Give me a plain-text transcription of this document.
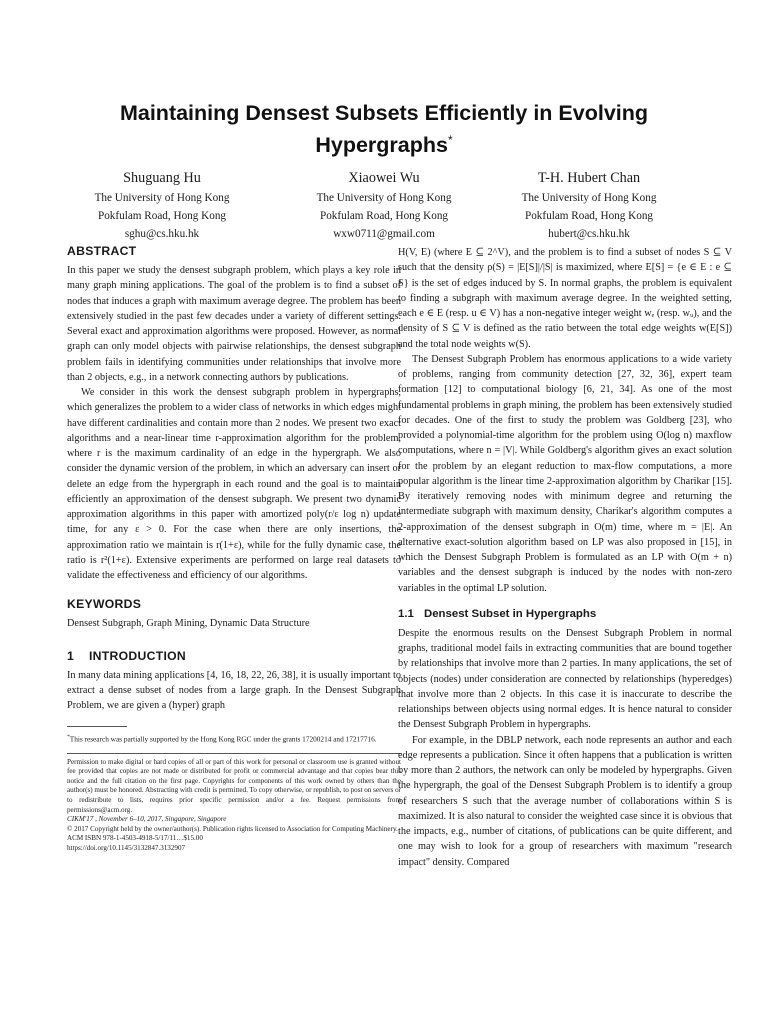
Maintaining Densest Subsets Efficiently in Evolving
Hypergraphs*
Shuguang Hu
The University of Hong Kong
Pokfulam Road, Hong Kong
sghu@cs.hku.hk
Xiaowei Wu
The University of Hong Kong
Pokfulam Road, Hong Kong
wxw0711@gmail.com
T-H. Hubert Chan
The University of Hong Kong
Pokfulam Road, Hong Kong
hubert@cs.hku.hk
ABSTRACT

In this paper we study the densest subgraph problem, which plays a key role in many graph mining applications. The goal of the problem is to find a subset of nodes that induces a graph with maximum average degree. The problem has been extensively studied in the past few decades under a variety of different settings. Several exact and approximation algorithms were proposed. However, as normal graph can only model objects with pairwise relationships, the densest subgraph problem fails in identifying communities under relationships that involve more than 2 objects, e.g., in a network connecting authors by publications.

We consider in this work the densest subgraph problem in hypergraphs, which generalizes the problem to a wider class of networks in which edges might have different cardinalities and contain more than 2 nodes. We present two exact algorithms and a near-linear time r-approximation algorithm for the problem, where r is the maximum cardinality of an edge in the hypergraph. We also consider the dynamic version of the problem, in which an adversary can insert or delete an edge from the hypergraph in each round and the goal is to maintain efficiently an approximation of the densest subgraph. We present two dynamic approximation algorithms in this paper with amortized poly(r/ε log n) update time, for any ε > 0. For the case when there are only insertions, the approximation ratio we maintain is r(1+ε), while for the fully dynamic case, the ratio is r²(1+ε). Extensive experiments are performed on large real datasets to validate the effectiveness and efficiency of our algorithms.

KEYWORDS

Densest Subgraph, Graph Mining, Dynamic Data Structure

1 INTRODUCTION

In many data mining applications [4, 16, 18, 22, 26, 38], it is usually important to extract a dense subset of nodes from a large graph. In the Densest Subgraph Problem, we are given a (hyper) graph

*This research was partially supported by the Hong Kong RGC under the grants 17200214 and 17217716.

Permission to make digital or hard copies of all or part of this work for personal or classroom use is granted without fee provided that copies are not made or distributed for profit or commercial advantage and that copies bear this notice and the full citation on the first page. Copyrights for components of this work owned by others than the author(s) must be honored. Abstracting with credit is permitted. To copy otherwise, or republish, to post on servers or to redistribute to lists, requires prior specific permission and/or a fee. Request permissions from permissions@acm.org.

CIKM'17 , November 6–10, 2017, Singapore, Singapore

© 2017 Copyright held by the owner/author(s). Publication rights licensed to Association for Computing Machinery.

ACM ISBN 978-1-4503-4918-5/17/11…$15.00

https://doi.org/10.1145/3132847.3132907

H(V, E) (where E ⊆ 2^V), and the problem is to find a subset of nodes S ⊆ V such that the density ρ(S) = |E[S]|/|S| is maximized, where E[S] = {e ∈ E : e ⊆ S} is the set of edges induced by S. In normal graphs, the problem is equivalent to finding a subgraph with maximum average degree. In the weighted setting, each e ∈ E (resp. u ∈ V) has a non-negative integer weight wₑ (resp. wᵤ), and the density of S ⊆ V is defined as the ratio between the total edge weights w(E[S]) and the total node weights w(S).

The Densest Subgraph Problem has enormous applications to a wide variety of problems, ranging from community detection [27, 32, 36], expert team formation [12] to computational biology [6, 21, 34]. As one of the most fundamental problems in graph mining, the problem has been extensively studied for decades. One of the first to study the problem was Goldberg [23], who provided a polynomial-time algorithm for the problem using O(log n) maxflow computations, where n = |V|. While Goldberg's algorithm gives an exact solution for the problem by an elegant reduction to max-flow computations, a more popular algorithm is the linear time 2-approximation algorithm by Charikar [15]. By iteratively removing nodes with minimum degree and returning the intermediate subgraph with maximum density, Charikar's algorithm computes a 2-approximation of the densest subgraph in O(m) time, where m = |E|. An alternative exact-solution algorithm based on LP was also proposed in [15], in which the Densest Subgraph Problem is formulated as an LP with O(m + n) variables and the densest subgraph is induced by the nodes with non-zero variables in the optimal LP solution.

1.1 Densest Subset in Hypergraphs

Despite the enormous results on the Densest Subgraph Problem in normal graphs, traditional model fails in extracting communities that are bound together by relationships that involve more than 2 parties. In many applications, the set of objects (nodes) under consideration are connected by relationships (hyperedges) that involve more than 2 objects. In this case it is inaccurate to describe the relationships between objects using normal edges. It is hence natural to consider the Densest Subgraph Problem in hypergraphs.

For example, in the DBLP network, each node represents an author and each edge represents a publication. Since it often happens that a publication is written by more than 2 authors, the network can only be modeled by hypergraphs. Given the hypergraph, the goal of the Densest Subgraph Problem is to identify a group of researchers S such that the average number of collaborations within S is maximized. It is also natural to consider the weighted case since it is obvious that the impacts, e.g., number of citations, of publications can be quite different, and one may wish to look for a group of researchers with maximum "research impact" density. Compared
